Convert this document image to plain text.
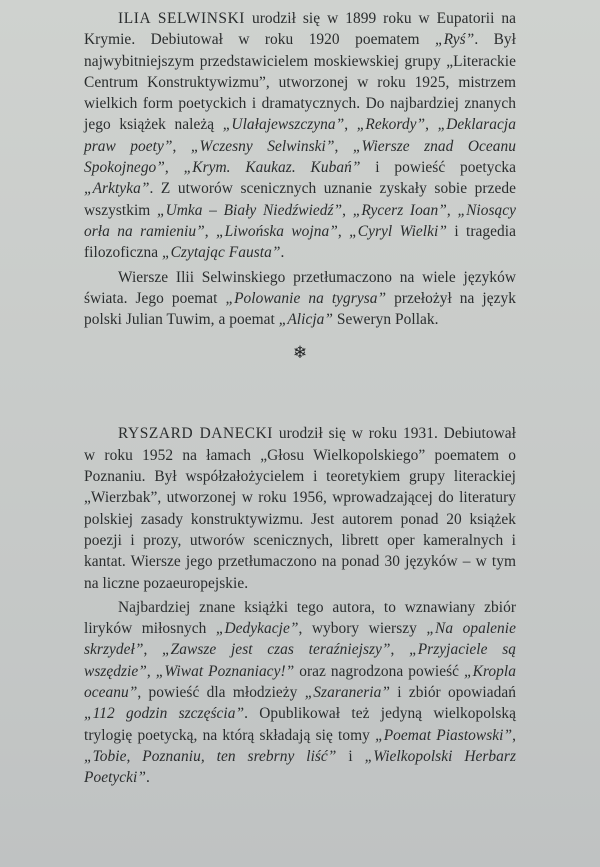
ILIA SELWINSKI urodził się w 1899 roku w Eupatorii na Krymie. Debiutował w roku 1920 poematem „Ryś”. Był najwybitniejszym przedstawicielem moskiewskiej grupy „Literackie Centrum Konstruktywizmu”, utworzonej w roku 1925, mistrzem wielkich form poetyckich i dramatycznych. Do najbardziej znanych jego książek należą „Ulałajewszczyna”, „Rekordy”, „Deklaracja praw poety”, „Wczesny Selwinski”, „Wiersze znad Oceanu Spokojnego”, „Krym. Kaukaz. Kubań” i powieść poetycka „Arktyka”. Z utworów scenicznych uznanie zyskały sobie przede wszystkim „Umka – Biały Niedźwiedź”, „Rycerz Ioan”, „Niosący orła na ramieniu”, „Liwońska wojna”, „Cyryl Wielki” i tragedia filozoficzna „Czytając Fausta”.

Wiersze Ilii Selwinskiego przetłumaczono na wiele języków świata. Jego poemat „Polowanie na tygrysa” przełożył na język polski Julian Tuwim, a poemat „Alicja” Seweryn Pollak.

❄

RYSZARD DANECKI urodził się w roku 1931. Debiutował w roku 1952 na łamach „Głosu Wielkopolskiego” poematem o Poznaniu. Był współzałożycielem i teoretykiem grupy literackiej „Wierzbak”, utworzonej w roku 1956, wprowadzającej do literatury polskiej zasady konstruktywizmu. Jest autorem ponad 20 książek poezji i prozy, utworów scenicznych, librett oper kameralnych i kantat. Wiersze jego przetłumaczono na ponad 30 języków – w tym na liczne pozaeuropejskie.

Najbardziej znane książki tego autora, to wznawiany zbiór liryków miłosnych „Dedykacje”, wybory wierszy „Na opalenie skrzydeł”, „Zawsze jest czas teraźniejszy”, „Przyjaciele są wszędzie”, „Wiwat Poznaniacy!” oraz nagrodzona powieść „Kropla oceanu”, powieść dla młodzieży „Szaraneria” i zbiór opowiadań „112 godzin szczęścia”. Opublikował też jedyną wielkopolską trylogię poetycką, na którą składają się tomy „Poemat Piastowski”, „Tobie, Poznaniu, ten srebrny liść” i „Wielkopolski Herbarz Poetycki”.
